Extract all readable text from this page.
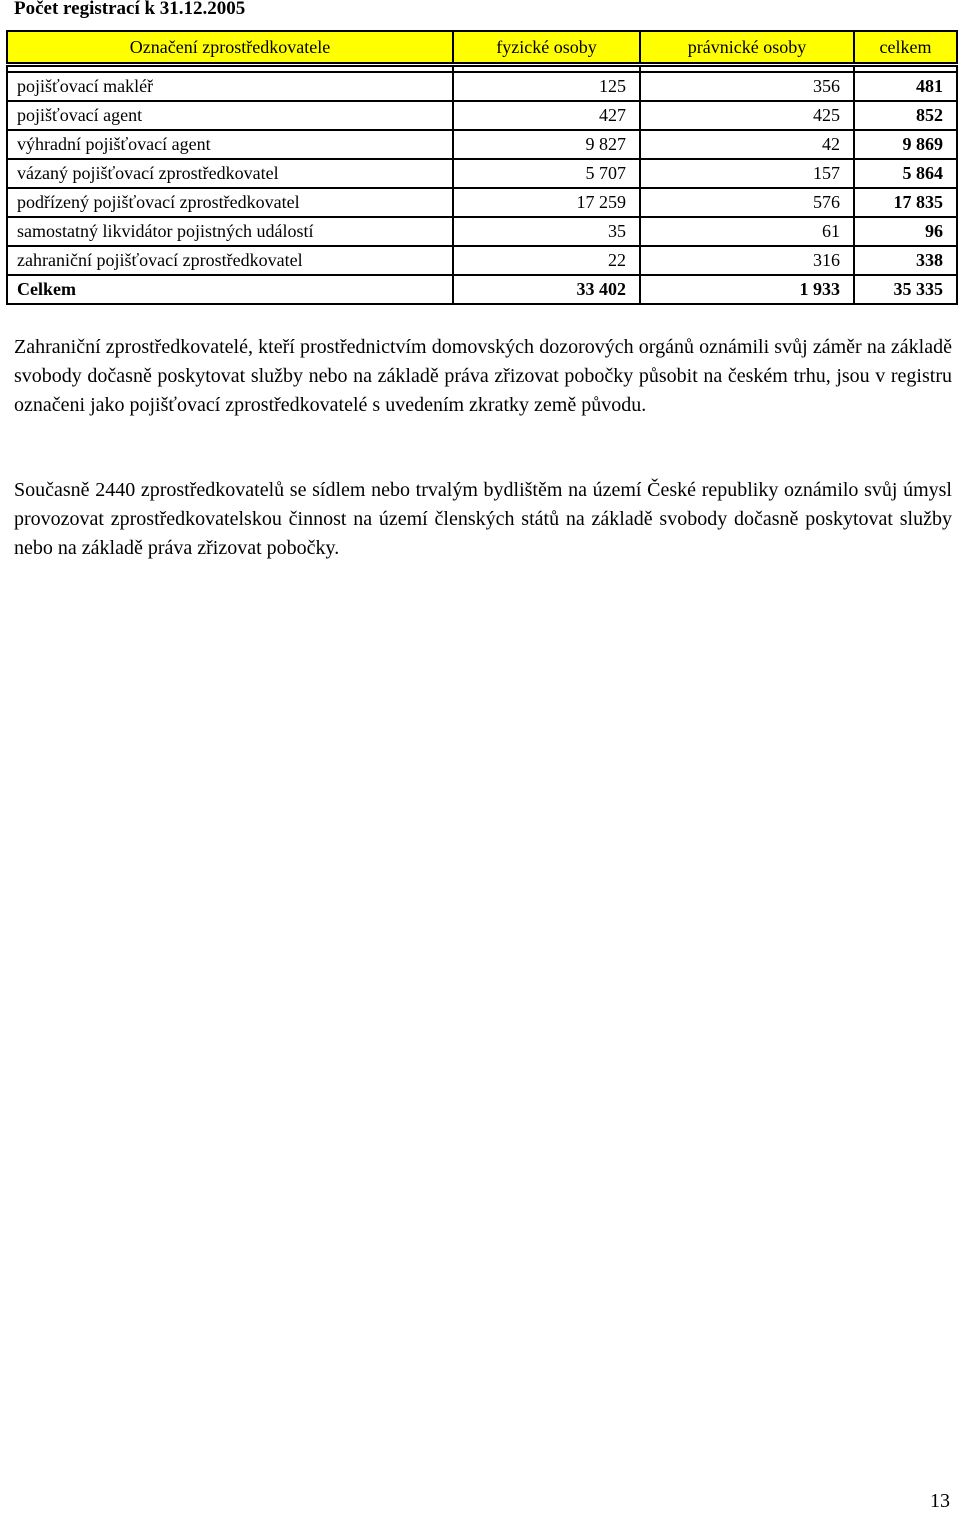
Počet registrací k 31.12.2005
Označení zprostředkovatele	fyzické osoby	právnické osoby	celkem

pojišťovací makléř	125	356	481
pojišťovací agent	427	425	852
výhradní pojišťovací agent	9 827	42	9 869
vázaný pojišťovací zprostředkovatel	5 707	157	5 864
podřízený pojišťovací zprostředkovatel	17 259	576	17 835
samostatný likvidátor pojistných událostí	35	61	96
zahraniční pojišťovací zprostředkovatel	22	316	338
Celkem	33 402	1 933	35 335

Zahraniční zprostředkovatelé, kteří prostřednictvím domovských dozorových orgánů oznámili svůj záměr na základě svobody dočasně poskytovat služby nebo na základě práva zřizovat pobočky působit na českém trhu, jsou v registru označeni jako pojišťovací zprostředkovatelé s uvedením zkratky země původu.

Současně 2440 zprostředkovatelů se sídlem nebo trvalým bydlištěm na území České republiky oznámilo svůj úmysl provozovat zprostředkovatelskou činnost na území členských států na základě svobody dočasně poskytovat služby nebo na základě práva zřizovat pobočky.

13
